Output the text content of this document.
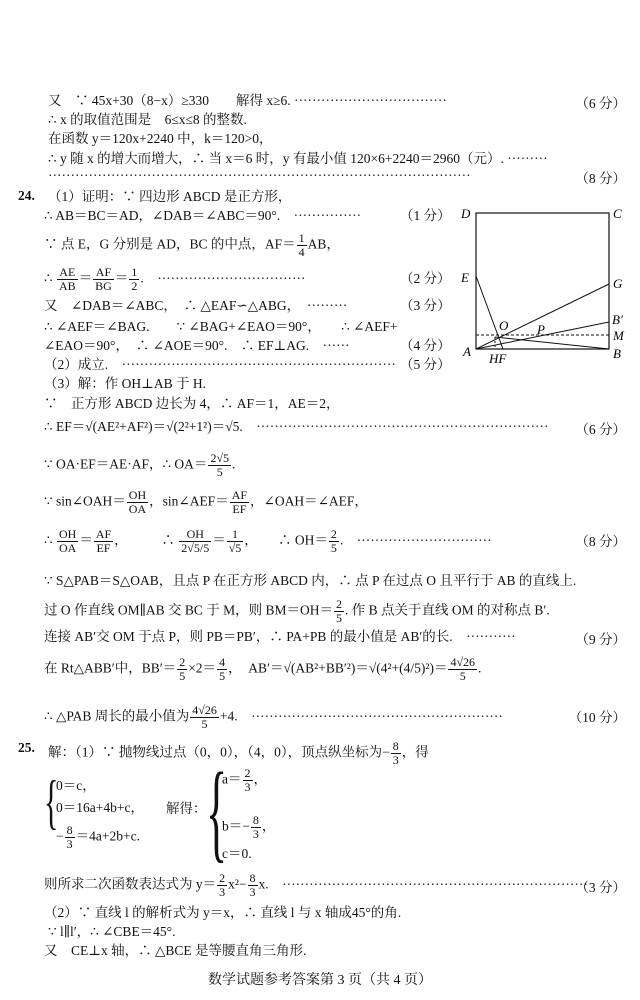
又　∵ 45x+30（8−x）≥330　　解得 x≥6. ··································	（6 分）
∴ x 的取值范围是　6≤x≤8 的整数.
在函数 y＝120x+2240 中，k＝120>0，
∴ y 随 x 的增大而增大，∴ 当 x＝6 时，y 有最小值 120×6+2240＝2960（元）. ·········
······························································································	（8 分）
24. （1）证明：∵ 四边形 ABCD 是正方形，
∴ AB＝BC＝AD，∠DAB＝∠ABC＝90°.　 ···············	（1 分）
∵ 点 E，G 分别是 AD，BC 的中点，$AF= \frac{1}{4}$ AB，
∴ $\frac{AE}{AB} = \frac{AF}{BG} = \frac{1}{2}$ .　·································	（2 分）
又　∠DAB＝∠ABC，　∴ △EAF∽△ABG，　 ·········	（3 分）
∴ ∠AEF＝∠BAG.　　∵ ∠BAG+∠EAO＝90°，　　∴ ∠AEF+
∠EAO＝90°，　∴ ∠AOE＝90°.　∴ EF⊥AG.　 ······	（4 分）
（2）成立.　 ····························································· （5 分）
D	C
E	G
O P
B′
M
A	B
HF
（3）解：作 OH⊥AB 于 H.
∵　正方形 ABCD 边长为 4，∴ AF＝1，AE＝2，
∴ EF＝√(AE²+AF²)＝√(2²+1²)＝√5.　 ································································· （6 分）
∵ OA·EF＝AE·AF，∴ $OA= \frac{2√5}{5}$ .
∵ sin∠OAH＝ $\frac{OH}{OA}$ ，sin∠AEF＝ $\frac{AF}{EF}$ ，∠OAH＝∠AEF，
∴ $\frac{OH}{OA} = \frac{AF}{EF}$ ，　　　∴ $\frac{OH}{2√5/5} = \frac{1}{√5}$ ，　　∴ $OH= \frac{2}{5}$ .　······························	（8 分）
∵ S△PAB＝S△OAB，且点 P 在正方形 ABCD 内，∴ 点 P 在过点 O 且平行于 AB 的直线上.
过 O 作直线 OM∥AB 交 BC 于 M，则 $BM=OH= \frac{2}{5}$ . 作 B 点关于直线 OM 的对称点 B′.
连接 AB′交 OM 于点 P，则 PB＝PB′，∴ PA+PB 的最小值是 AB′的长.　 ···········	（9 分）
在 Rt△ABB′中，$BB'= \frac{2}{5} \times 2= \frac{4}{5}$ ，　$AB'=√(AB^2+BB'^2)=√(4^2+(4/5)^2)= \frac{4√26}{5}$ .
∴ △PAB 周长的最小值为 $\frac{4√26}{5} +4$.　 ························································	（10 分）
25. 解：（1）∵ 抛物线过点（0，0），（4，0），顶点纵坐标为− $\frac{8}{3}$ ，得
{
0＝c，
0＝16a+4b+c，
− $\frac{8}{3} =4a+2b+c$.
解得： {
$a= \frac{2}{3}$ ，
$b=- \frac{8}{3}$ ，
c＝0.
则所求二次函数表达式为 $y= \frac{2}{3} x^2- \frac{8}{3} x$.　 ····································································
（3 分）
（2）∵ 直线 l 的解析式为 y＝x，∴ 直线 l 与 x 轴成45°的角.
∵ l∥l′，∴ ∠CBE＝45°.
又　CE⊥x 轴，∴ △BCE 是等腰直角三角形.
数学试题参考答案第 3 页（共 4 页）
